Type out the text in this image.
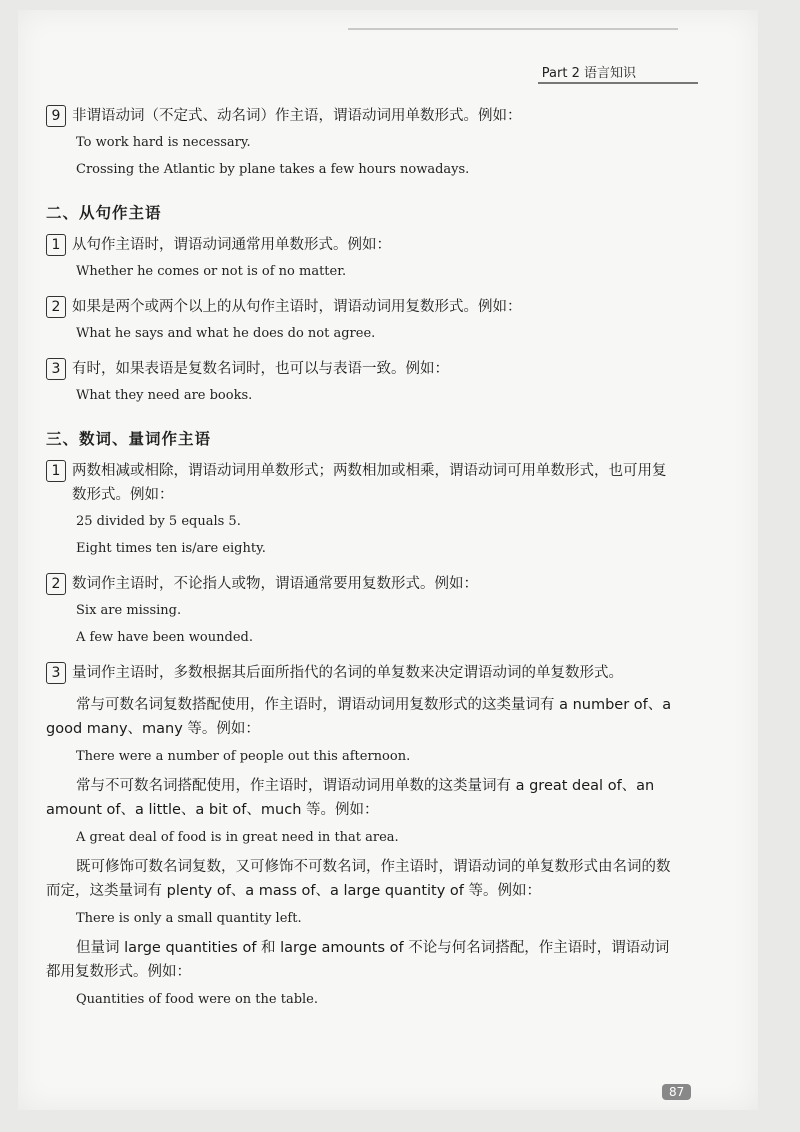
Part 2 语言知识
87
9 非谓语动词（不定式、动名词）作主语，谓语动词用单数形式。例如：
To work hard is necessary.
Crossing the Atlantic by plane takes a few hours nowadays.
二、从句作主语
1 从句作主语时，谓语动词通常用单数形式。例如：
Whether he comes or not is of no matter.
2 如果是两个或两个以上的从句作主语时，谓语动词用复数形式。例如：
What he says and what he does do not agree.
3 有时，如果表语是复数名词时，也可以与表语一致。例如：
What they need are books.
三、数词、量词作主语
1 两数相减或相除，谓语动词用单数形式；两数相加或相乘，谓语动词可用单数形式，也可用复数形式。例如：
25 divided by 5 equals 5.
Eight times ten is/are eighty.
2 数词作主语时，不论指人或物，谓语通常要用复数形式。例如：
Six are missing.
A few have been wounded.
3 量词作主语时，多数根据其后面所指代的名词的单复数来决定谓语动词的单复数形式。
常与可数名词复数搭配使用，作主语时，谓语动词用复数形式的这类量词有 a number of、a good many、many 等。例如：
There were a number of people out this afternoon.
常与不可数名词搭配使用，作主语时，谓语动词用单数的这类量词有 a great deal of、an amount of、a little、a bit of、much 等。例如：
A great deal of food is in great need in that area.
既可修饰可数名词复数，又可修饰不可数名词，作主语时，谓语动词的单复数形式由名词的数而定，这类量词有 plenty of、a mass of、a large quantity of 等。例如：
There is only a small quantity left.
但量词 large quantities of 和 large amounts of 不论与何名词搭配，作主语时，谓语动词都用复数形式。例如：
Quantities of food were on the table.
